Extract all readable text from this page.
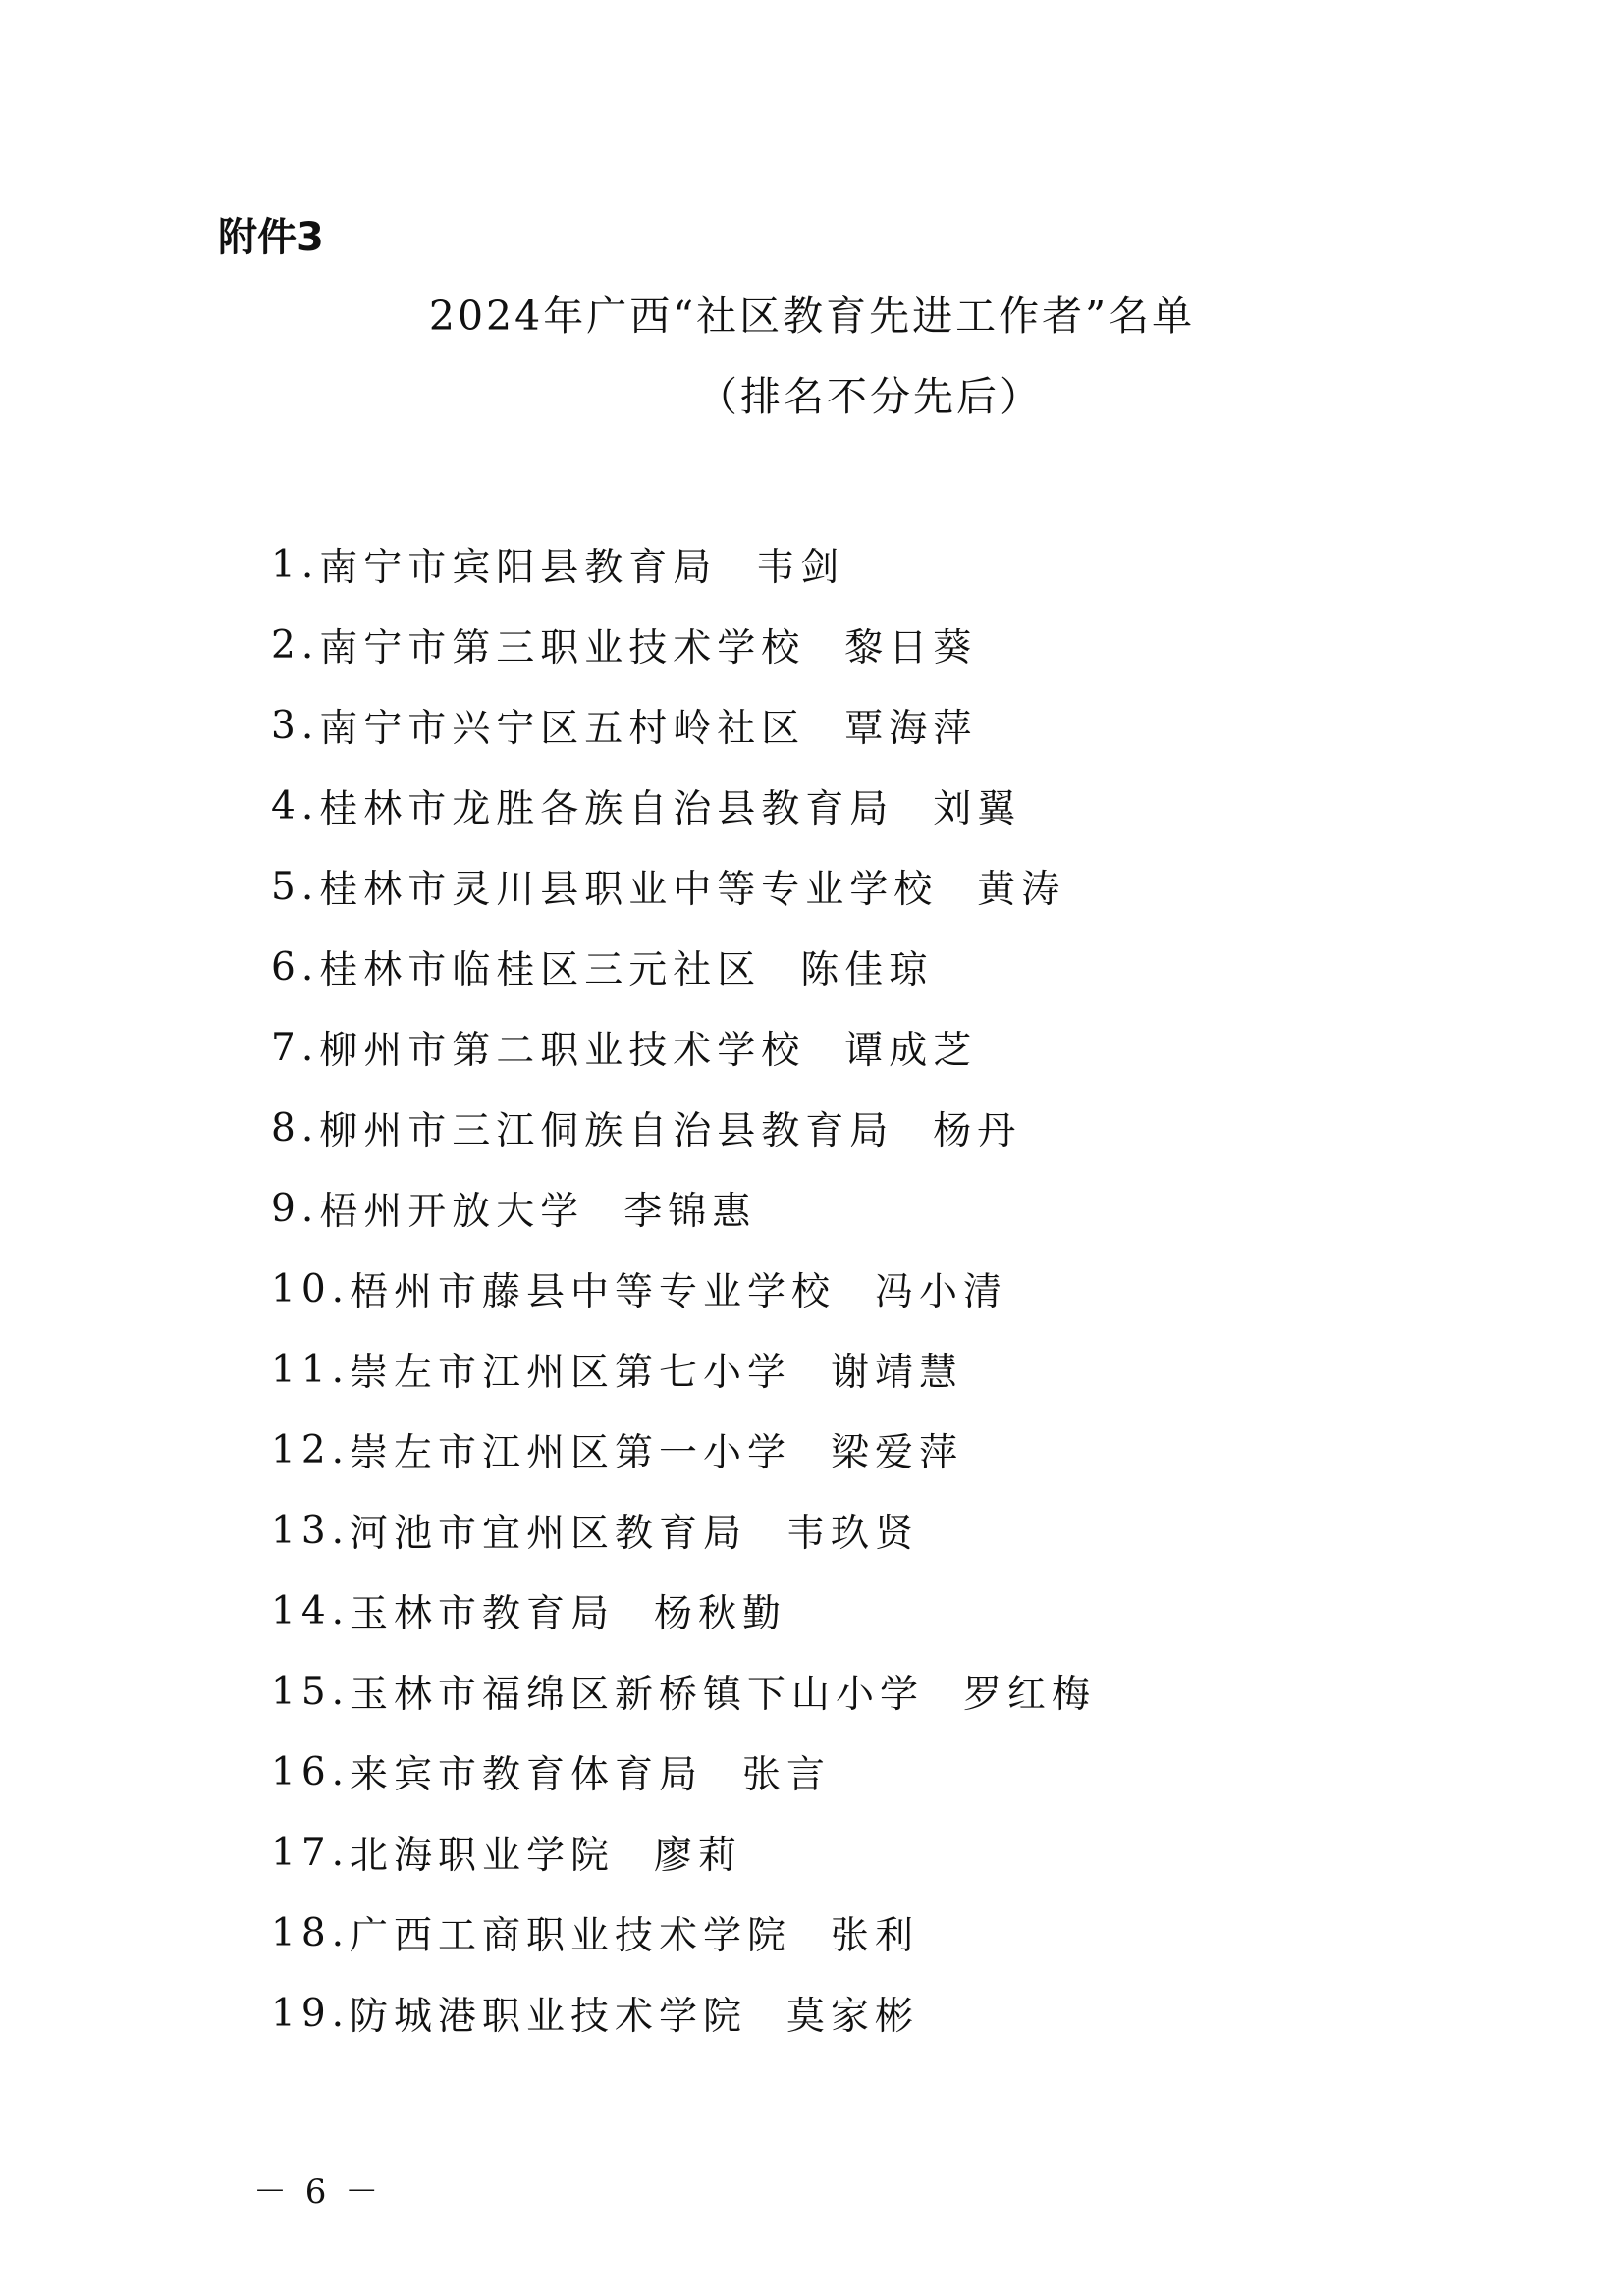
附件3
2024年广西“社区教育先进工作者”名单
（排名不分先后）
1. 南宁市宾阳县教育局 韦剑
2. 南宁市第三职业技术学校 黎日葵
3. 南宁市兴宁区五村岭社区 覃海萍
4. 桂林市龙胜各族自治县教育局 刘翼
5. 桂林市灵川县职业中等专业学校 黄涛
6. 桂林市临桂区三元社区 陈佳琼
7. 柳州市第二职业技术学校 谭成芝
8. 柳州市三江侗族自治县教育局 杨丹
9. 梧州开放大学 李锦惠
10. 梧州市藤县中等专业学校 冯小清
11. 崇左市江州区第七小学 谢靖慧
12. 崇左市江州区第一小学 梁爱萍
13. 河池市宜州区教育局 韦玖贤
14. 玉林市教育局 杨秋勤
15. 玉林市福绵区新桥镇下山小学 罗红梅
16. 来宾市教育体育局 张言
17. 北海职业学院 廖莉
18. 广西工商职业技术学院 张利
19. 防城港职业技术学院 莫家彬
－ 6 －
